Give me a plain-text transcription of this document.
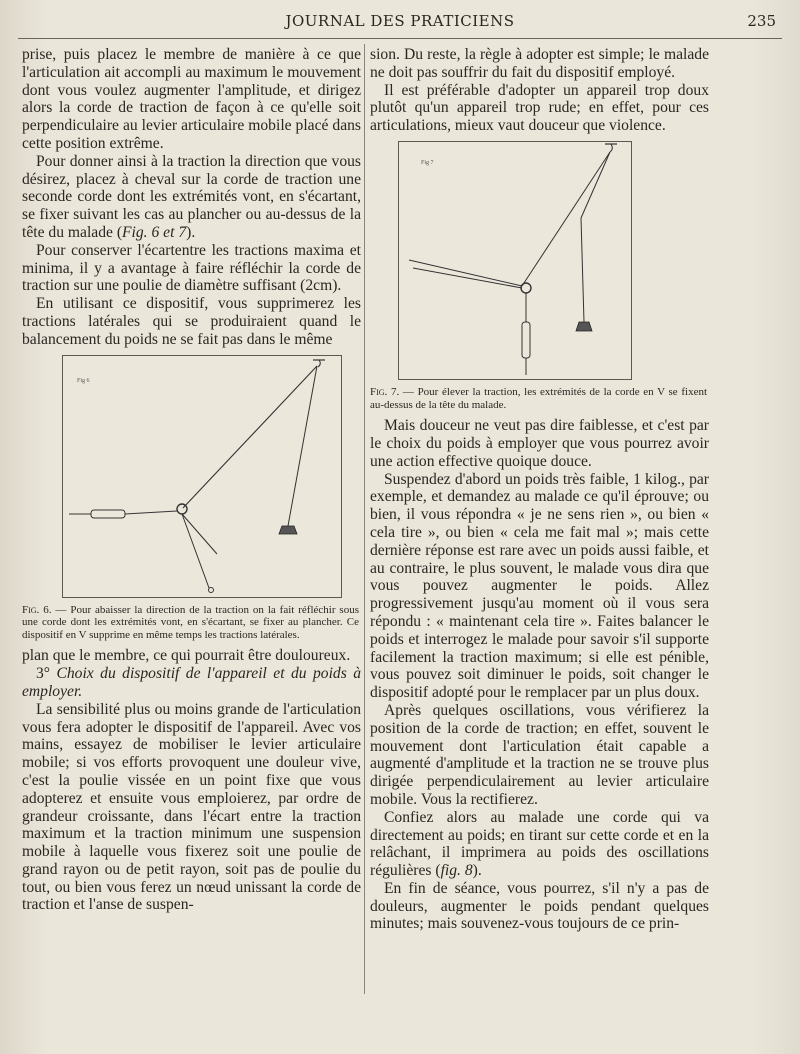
JOURNAL DES PRATICIENS	235

prise, puis placez le membre de manière à ce que l'articulation ait accompli au maximum le mouvement dont vous voulez augmenter l'amplitude, et dirigez alors la corde de traction de façon à ce qu'elle soit perpendiculaire au levier articulaire mobile placé dans cette position extrême.

Pour donner ainsi à la traction la direction que vous désirez, placez à cheval sur la corde de traction une seconde corde dont les extrémités vont, en s'écartant, se fixer suivant les cas au plancher ou au-dessus de la tête du malade (Fig. 6 et 7).

Pour conserver l'écartentre les tractions maxima et minima, il y a avantage à faire réfléchir la corde de traction sur une poulie de diamètre suffisant (2cm).

En utilisant ce dispositif, vous supprimerez les tractions latérales qui se produiraient quand le balancement du poids ne se fait pas dans le même

Fig 6
Fig. 6. — Pour abaisser la direction de la traction on la fait réfléchir sous une corde dont les extrémités vont, en s'écartant, se fixer au plancher. Ce dispositif en V supprime en même temps les tractions latérales.

plan que le membre, ce qui pourrait être douloureux.

3° Choix du dispositif de l'appareil et du poids à employer.

La sensibilité plus ou moins grande de l'articulation vous fera adopter le dispositif de l'appareil. Avec vos mains, essayez de mobiliser le levier articulaire mobile; si vos efforts provoquent une douleur vive, c'est la poulie vissée en un point fixe que vous adopterez et ensuite vous emploierez, par ordre de grandeur croissante, dans l'écart entre la traction maximum et la traction minimum une suspension mobile à laquelle vous fixerez soit une poulie de grand rayon ou de petit rayon, soit pas de poulie du tout, ou bien vous ferez un nœud unissant la corde de traction et l'anse de suspen-

sion. Du reste, la règle à adopter est simple; le malade ne doit pas souffrir du fait du dispositif employé.

Il est préférable d'adopter un appareil trop doux plutôt qu'un appareil trop rude; en effet, pour ces articulations, mieux vaut douceur que violence.

Fig 7
Fig. 7. — Pour élever la traction, les extrémités de la corde en V se fixent au-dessus de la tête du malade.

Mais douceur ne veut pas dire faiblesse, et c'est par le choix du poids à employer que vous pourrez avoir une action effective quoique douce.

Suspendez d'abord un poids très faible, 1 kilog., par exemple, et demandez au malade ce qu'il éprouve; ou bien, il vous répondra « je ne sens rien », ou bien « cela tire », ou bien « cela me fait mal »; mais cette dernière réponse est rare avec un poids aussi faible, et au contraire, le plus souvent, le malade vous dira que vous pouvez augmenter le poids. Allez progressivement jusqu'au moment où il vous sera répondu : « maintenant cela tire ». Faites balancer le poids et interrogez le malade pour savoir s'il supporte facilement la traction maximum; si elle est pénible, vous pouvez soit diminuer le poids, soit changer le dispositif adopté pour le remplacer par un plus doux.

Après quelques oscillations, vous vérifierez la position de la corde de traction; en effet, souvent le mouvement dont l'articulation était capable a augmenté d'amplitude et la traction ne se trouve plus dirigée perpendiculairement au levier articulaire mobile. Vous la rectifierez.

Confiez alors au malade une corde qui va directement au poids; en tirant sur cette corde et en la relâchant, il imprimera au poids des oscillations régulières (fig. 8).

En fin de séance, vous pourrez, s'il n'y a pas de douleurs, augmenter le poids pendant quelques minutes; mais souvenez-vous toujours de ce prin-
